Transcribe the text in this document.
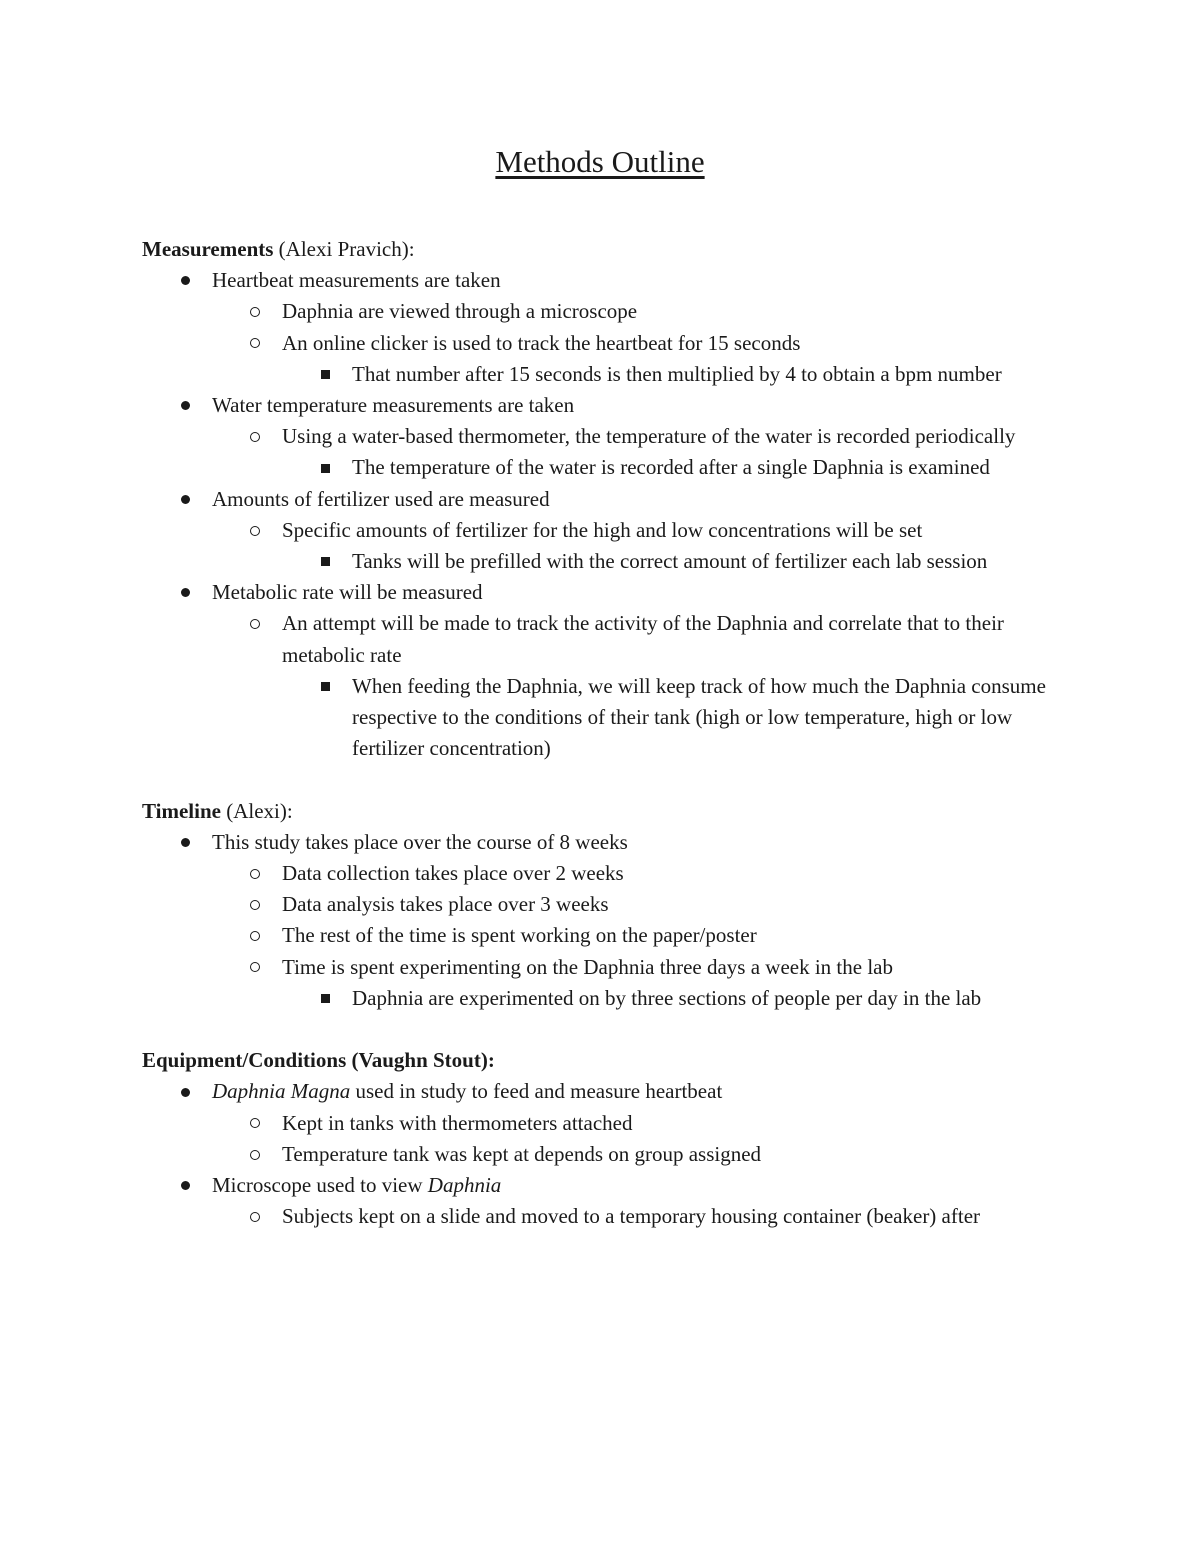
Methods Outline

Measurements (Alexi Pravich):

Heartbeat measurements are taken

Daphnia are viewed through a microscope

An online clicker is used to track the heartbeat for 15 seconds

That number after 15 seconds is then multiplied by 4 to obtain a bpm number

Water temperature measurements are taken

Using a water-based thermometer, the temperature of the water is recorded periodically

The temperature of the water is recorded after a single Daphnia is examined

Amounts of fertilizer used are measured

Specific amounts of fertilizer for the high and low concentrations will be set

Tanks will be prefilled with the correct amount of fertilizer each lab session

Metabolic rate will be measured

An attempt will be made to track the activity of the Daphnia and correlate that to their metabolic rate

When feeding the Daphnia, we will keep track of how much the Daphnia consume respective to the conditions of their tank (high or low temperature, high or low fertilizer concentration)

Timeline (Alexi):

This study takes place over the course of 8 weeks

Data collection takes place over 2 weeks

Data analysis takes place over 3 weeks

The rest of the time is spent working on the paper/poster

Time is spent experimenting on the Daphnia three days a week in the lab

Daphnia are experimented on by three sections of people per day in the lab

Equipment/Conditions (Vaughn Stout):

Daphnia Magna used in study to feed and measure heartbeat

Kept in tanks with thermometers attached

Temperature tank was kept at depends on group assigned

Microscope used to view Daphnia

Subjects kept on a slide and moved to a temporary housing container (beaker) after
